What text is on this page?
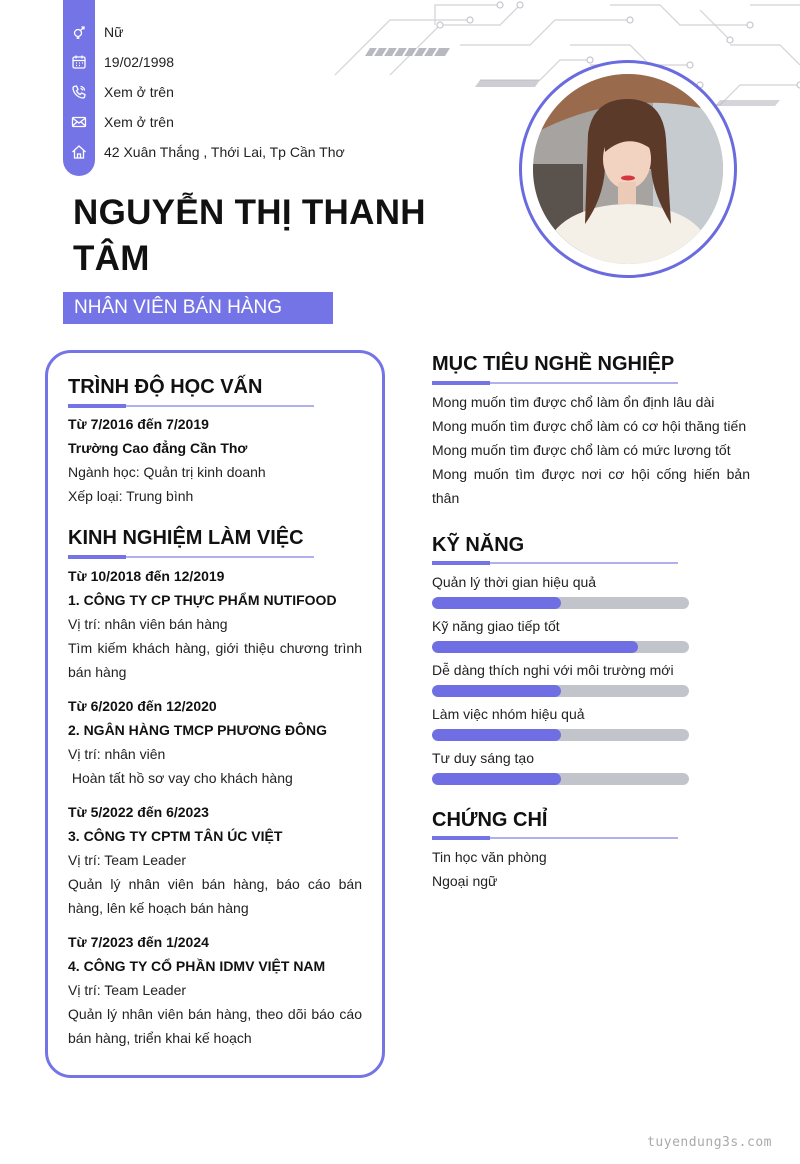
Nữ
19/02/1998
Xem ở trên
Xem ở trên
42 Xuân Thắng , Thới Lai, Tp Cần Thơ
NGUYỄN THỊ THANH TÂM
NHÂN VIÊN BÁN HÀNG
TRÌNH ĐỘ HỌC VẤN
Từ 7/2016 đến 7/2019
Trường Cao đẳng Cần Thơ
Ngành học: Quản trị kinh doanh
Xếp loại: Trung bình
KINH NGHIỆM LÀM VIỆC
Từ 10/2018 đến 12/2019
1. CÔNG TY CP THỰC PHẨM NUTIFOOD
Vị trí: nhân viên bán hàng
Tìm kiếm khách hàng, giới thiệu chương trình bán hàng
Từ 6/2020 đến 12/2020
2. NGÂN HÀNG TMCP PHƯƠNG ĐÔNG
Vị trí: nhân viên
Hoàn tất hồ sơ vay cho khách hàng
Từ 5/2022 đến 6/2023
3. CÔNG TY CPTM TÂN ÚC VIỆT
Vị trí: Team Leader
Quản lý nhân viên bán hàng, báo cáo bán hàng, lên kế hoạch bán hàng
Từ 7/2023 đến 1/2024
4. CÔNG TY CỔ PHẦN IDMV VIỆT NAM
Vị trí: Team Leader
Quản lý nhân viên bán hàng, theo dõi báo cáo bán hàng, triển khai kế hoạch
MỤC TIÊU NGHỀ NGHIỆP
Mong muốn tìm được chổ làm ổn định lâu dài
Mong muốn tìm được chổ làm có cơ hội thăng tiến
Mong muốn tìm được chổ làm có mức lương tốt
Mong muốn tìm được nơi cơ hội cống hiến bản thân
KỸ NĂNG
Quản lý thời gian hiệu quả
Kỹ năng giao tiếp tốt
Dễ dàng thích nghi với môi trường mới
Làm việc nhóm hiệu quả
Tư duy sáng tạo
CHỨNG CHỈ
Tin học văn phòng
Ngoại ngữ
tuyendung3s.com
